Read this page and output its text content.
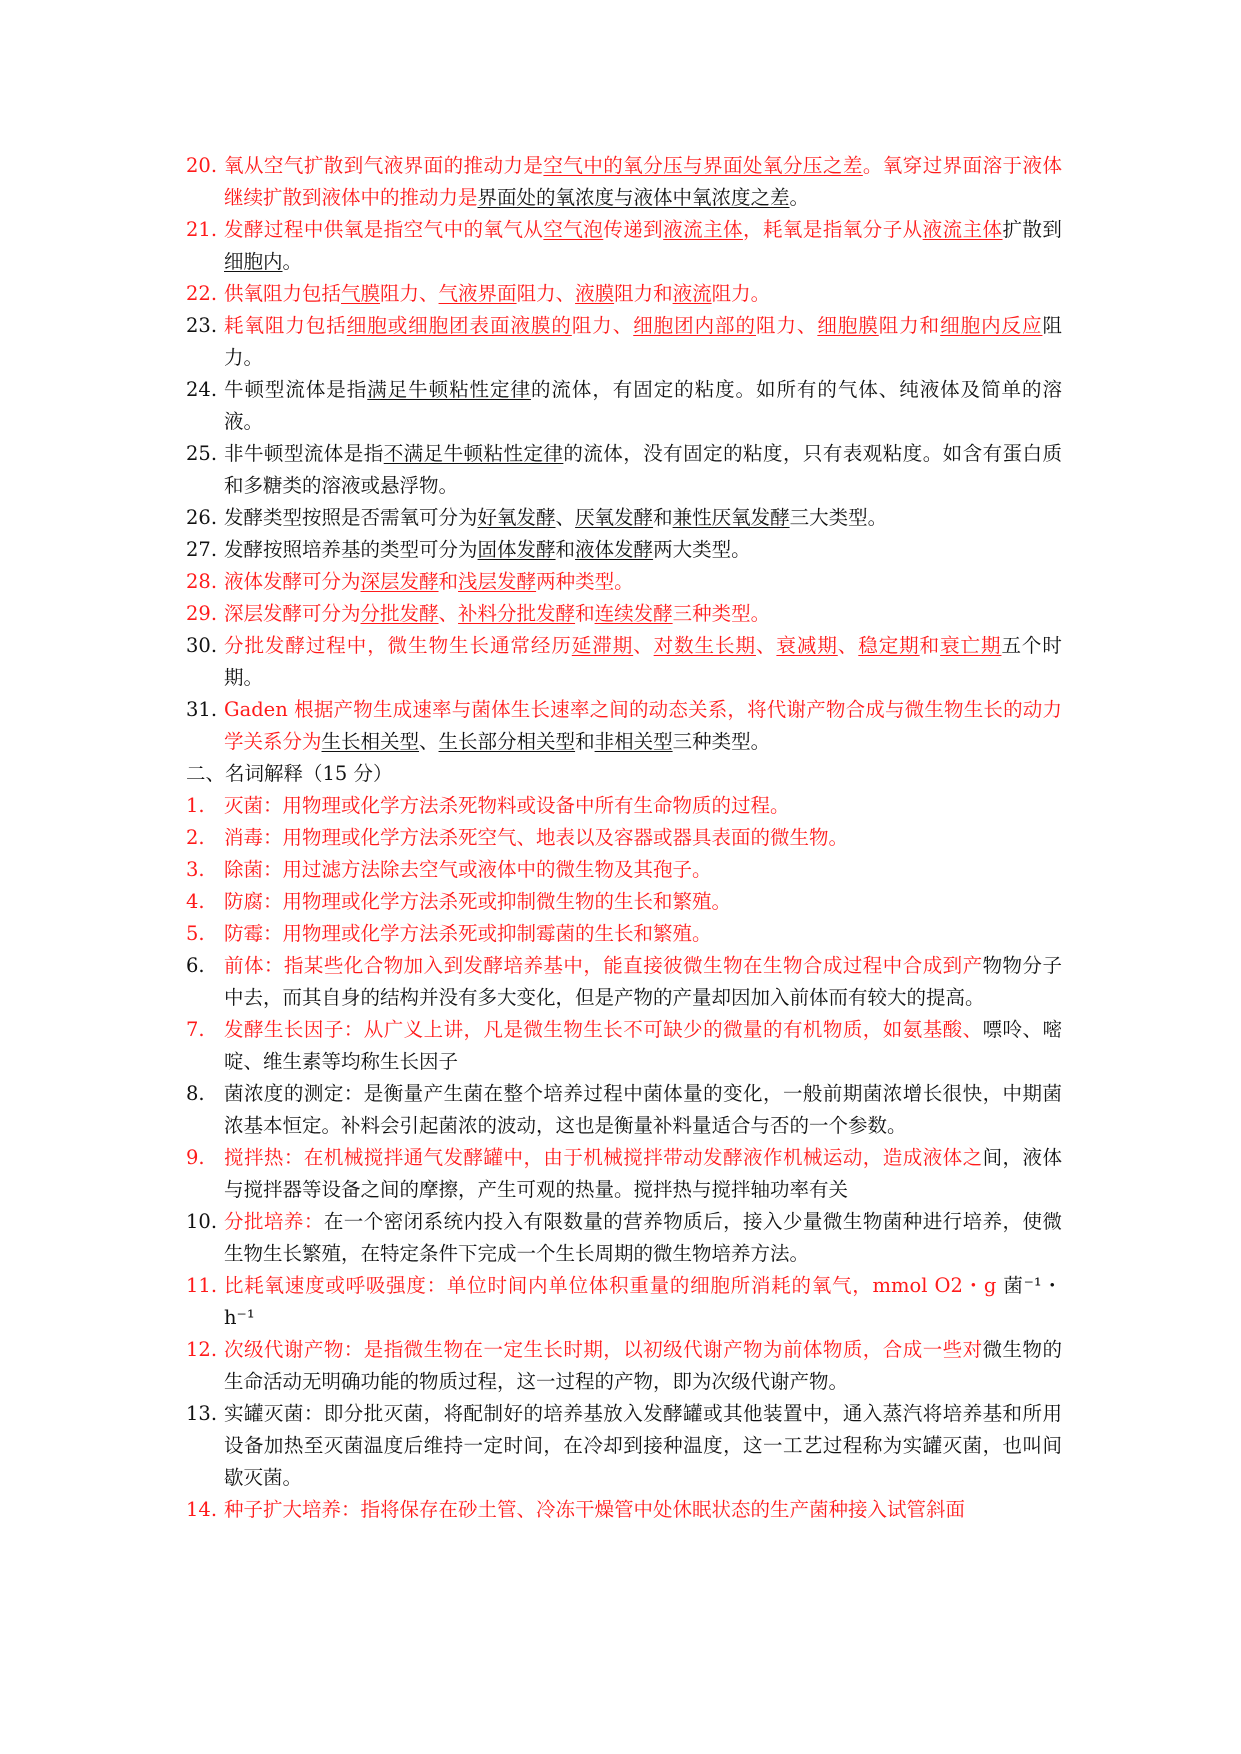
20. 氧从空气扩散到气液界面的推动力是空气中的氧分压与界面处氧分压之差。氧穿过界面溶于液体继续扩散到液体中的推动力是界面处的氧浓度与液体中氧浓度之差。
21. 发酵过程中供氧是指空气中的氧气从空气泡传递到液流主体，耗氧是指氧分子从液流主体扩散到细胞内。
22. 供氧阻力包括气膜阻力、气液界面阻力、液膜阻力和液流阻力。
23. 耗氧阻力包括细胞或细胞团表面液膜的阻力、细胞团内部的阻力、细胞膜阻力和细胞内反应阻力。
24. 牛顿型流体是指满足牛顿粘性定律的流体，有固定的粘度。如所有的气体、纯液体及简单的溶液。
25. 非牛顿型流体是指不满足牛顿粘性定律的流体，没有固定的粘度，只有表观粘度。如含有蛋白质和多糖类的溶液或悬浮物。
26. 发酵类型按照是否需氧可分为好氧发酵、厌氧发酵和兼性厌氧发酵三大类型。
27. 发酵按照培养基的类型可分为固体发酵和液体发酵两大类型。
28. 液体发酵可分为深层发酵和浅层发酵两种类型。
29. 深层发酵可分为分批发酵、补料分批发酵和连续发酵三种类型。
30. 分批发酵过程中，微生物生长通常经历延滞期、对数生长期、衰减期、稳定期和衰亡期五个时期。
31. Gaden 根据产物生成速率与菌体生长速率之间的动态关系，将代谢产物合成与微生物生长的动力学关系分为生长相关型、生长部分相关型和非相关型三种类型。
二、名词解释（15 分）
1. 灭菌：用物理或化学方法杀死物料或设备中所有生命物质的过程。
2. 消毒：用物理或化学方法杀死空气、地表以及容器或器具表面的微生物。
3. 除菌：用过滤方法除去空气或液体中的微生物及其孢子。
4. 防腐：用物理或化学方法杀死或抑制微生物的生长和繁殖。
5. 防霉：用物理或化学方法杀死或抑制霉菌的生长和繁殖。
6. 前体：指某些化合物加入到发酵培养基中，能直接彼微生物在生物合成过程中合成到产物物分子中去，而其自身的结构并没有多大变化，但是产物的产量却因加入前体而有较大的提高。
7. 发酵生长因子：从广义上讲，凡是微生物生长不可缺少的微量的有机物质，如氨基酸、嘌呤、嘧啶、维生素等均称生长因子
8. 菌浓度的测定：是衡量产生菌在整个培养过程中菌体量的变化，一般前期菌浓增长很快，中期菌浓基本恒定。补料会引起菌浓的波动，这也是衡量补料量适合与否的一个参数。
9. 搅拌热：在机械搅拌通气发酵罐中，由于机械搅拌带动发酵液作机械运动，造成液体之间，液体与搅拌器等设备之间的摩擦，产生可观的热量。搅拌热与搅拌轴功率有关
10. 分批培养：在一个密闭系统内投入有限数量的营养物质后，接入少量微生物菌种进行培养，使微生物生长繁殖，在特定条件下完成一个生长周期的微生物培养方法。
11. 比耗氧速度或呼吸强度：单位时间内单位体积重量的细胞所消耗的氧气，mmol O2・g 菌⁻¹・h⁻¹
12. 次级代谢产物：是指微生物在一定生长时期，以初级代谢产物为前体物质，合成一些对微生物的生命活动无明确功能的物质过程，这一过程的产物，即为次级代谢产物。
13. 实罐灭菌：即分批灭菌，将配制好的培养基放入发酵罐或其他装置中，通入蒸汽将培养基和所用设备加热至灭菌温度后维持一定时间，在冷却到接种温度，这一工艺过程称为实罐灭菌，也叫间歇灭菌。
14. 种子扩大培养：指将保存在砂土管、冷冻干燥管中处休眠状态的生产菌种接入试管斜面
